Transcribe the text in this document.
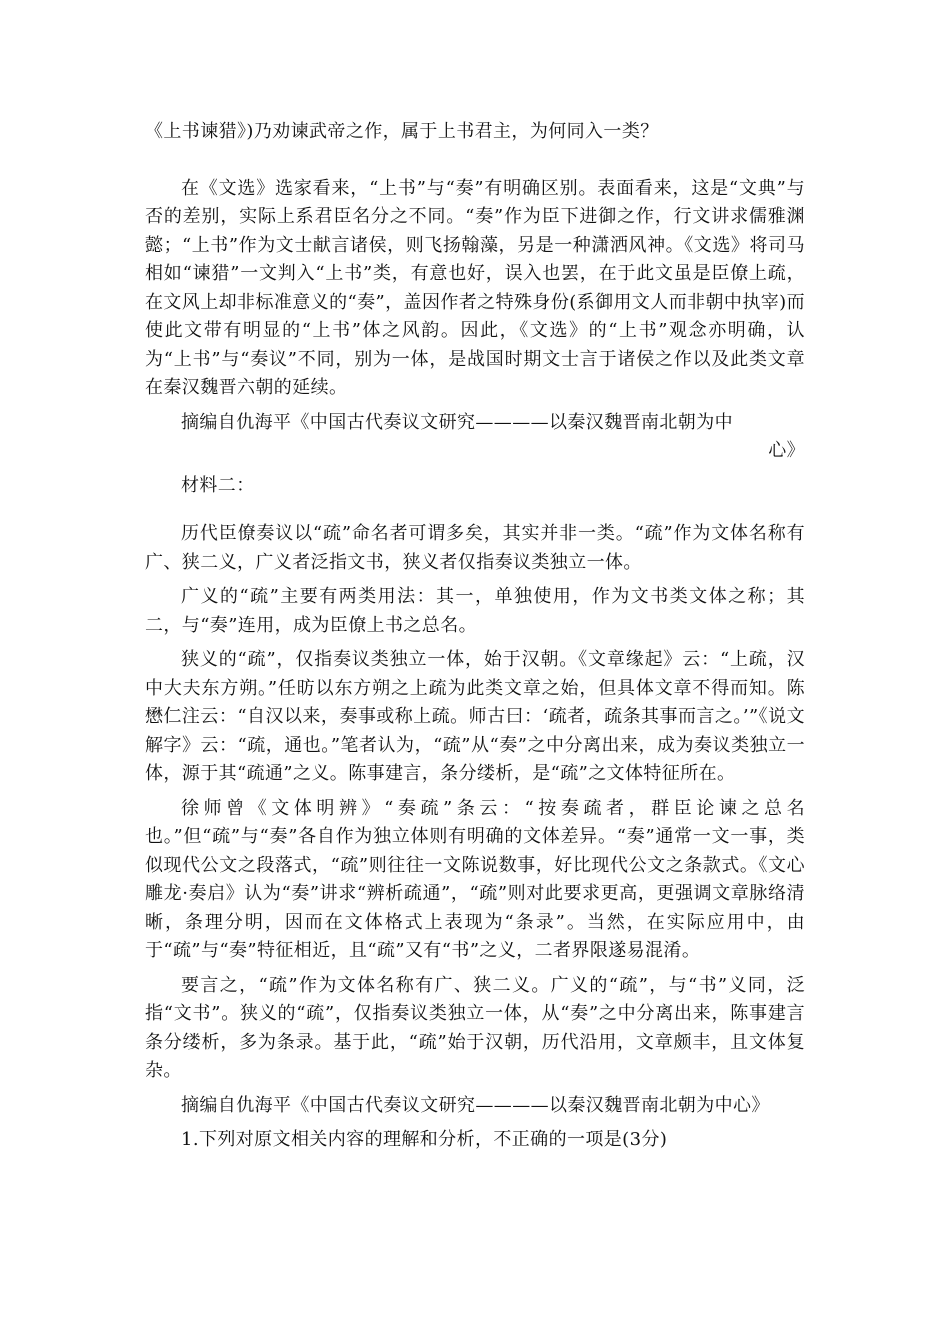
《上书谏猎》)乃劝谏武帝之作，属于上书君主，为何同入一类？

在《文选》选家看来，“上书”与“奏”有明确区别。表面看来，这是“文典”与否的差别，实际上系君臣名分之不同。“奏”作为臣下进御之作，行文讲求儒雅渊懿；“上书”作为文士献言诸侯，则飞扬翰藻，另是一种潇洒风神。《文选》将司马相如“谏猎”一文判入“上书”类，有意也好，误入也罢，在于此文虽是臣僚上疏，在文风上却非标准意义的“奏”，盖因作者之特殊身份(系御用文人而非朝中执宰)而使此文带有明显的“上书”体之风韵。因此，《文选》的“上书”观念亦明确，认为“上书”与“奏议”不同，别为一体，是战国时期文士言于诸侯之作以及此类文章在秦汉魏晋六朝的延续。

摘编自仇海平《中国古代奏议文研究————以秦汉魏晋南北朝为中

心》

材料二：

历代臣僚奏议以“疏”命名者可谓多矣，其实并非一类。“疏”作为文体名称有广、狭二义，广义者泛指文书，狭义者仅指奏议类独立一体。

广义的“疏”主要有两类用法：其一，单独使用，作为文书类文体之称；其二，与“奏”连用，成为臣僚上书之总名。

狭义的“疏”，仅指奏议类独立一体，始于汉朝。《文章缘起》云：“上疏，汉中大夫东方朔。”任昉以东方朔之上疏为此类文章之始，但具体文章不得而知。陈懋仁注云：“自汉以来，奏事或称上疏。师古曰：‘疏者，疏条其事而言之。’”《说文解字》云：“疏，通也。”笔者认为，“疏”从“奏”之中分离出来，成为奏议类独立一体，源于其“疏通”之义。陈事建言，条分缕析，是“疏”之文体特征所在。

徐师曾《文体明辨》“奏疏”条云：“按奏疏者，群臣论谏之总名也。”但“疏”与“奏”各自作为独立体则有明确的文体差异。“奏”通常一文一事，类似现代公文之段落式，“疏”则往往一文陈说数事，好比现代公文之条款式。《文心雕龙·奏启》认为“奏”讲求“辨析疏通”，“疏”则对此要求更高，更强调文章脉络清晰，条理分明，因而在文体格式上表现为“条录”。当然，在实际应用中，由于“疏”与“奏”特征相近，且“疏”又有“书”之义，二者界限遂易混淆。

要言之，“疏”作为文体名称有广、狭二义。广义的“疏”，与“书”义同，泛指“文书”。狭义的“疏”，仅指奏议类独立一体，从“奏”之中分离出来，陈事建言条分缕析，多为条录。基于此，“疏”始于汉朝，历代沿用，文章颇丰，且文体复杂。

摘编自仇海平《中国古代奏议文研究————以秦汉魏晋南北朝为中心》

1.下列对原文相关内容的理解和分析，不正确的一项是(3分)
